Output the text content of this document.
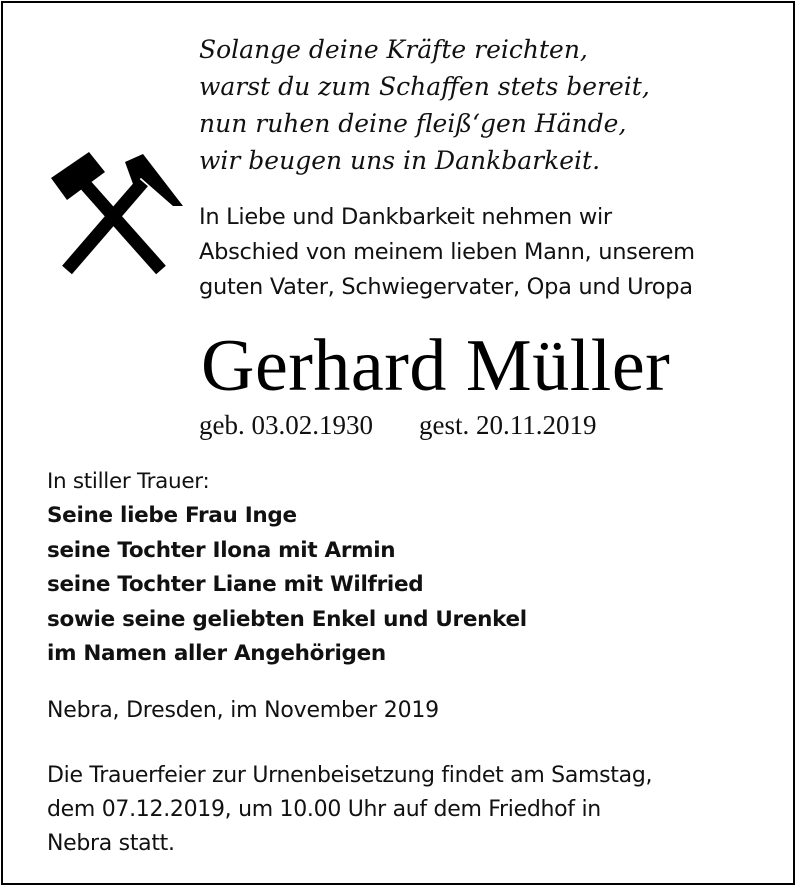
Solange deine Kräfte reichten,
warst du zum Schaffen stets bereit,
nun ruhen deine fleiß‘gen Hände,
wir beugen uns in Dankbarkeit.
In Liebe und Dankbarkeit nehmen wir
Abschied von meinem lieben Mann, unserem
guten Vater, Schwiegervater, Opa und Uropa
Gerhard Müller
geb. 03.02.1930 gest. 20.11.2019
In stiller Trauer:
Seine liebe Frau Inge
seine Tochter Ilona mit Armin
seine Tochter Liane mit Wilfried
sowie seine geliebten Enkel und Urenkel
im Namen aller Angehörigen
Nebra, Dresden, im November 2019
Die Trauerfeier zur Urnenbeisetzung findet am Samstag,
dem 07.12.2019, um 10.00 Uhr auf dem Friedhof in
Nebra statt.
